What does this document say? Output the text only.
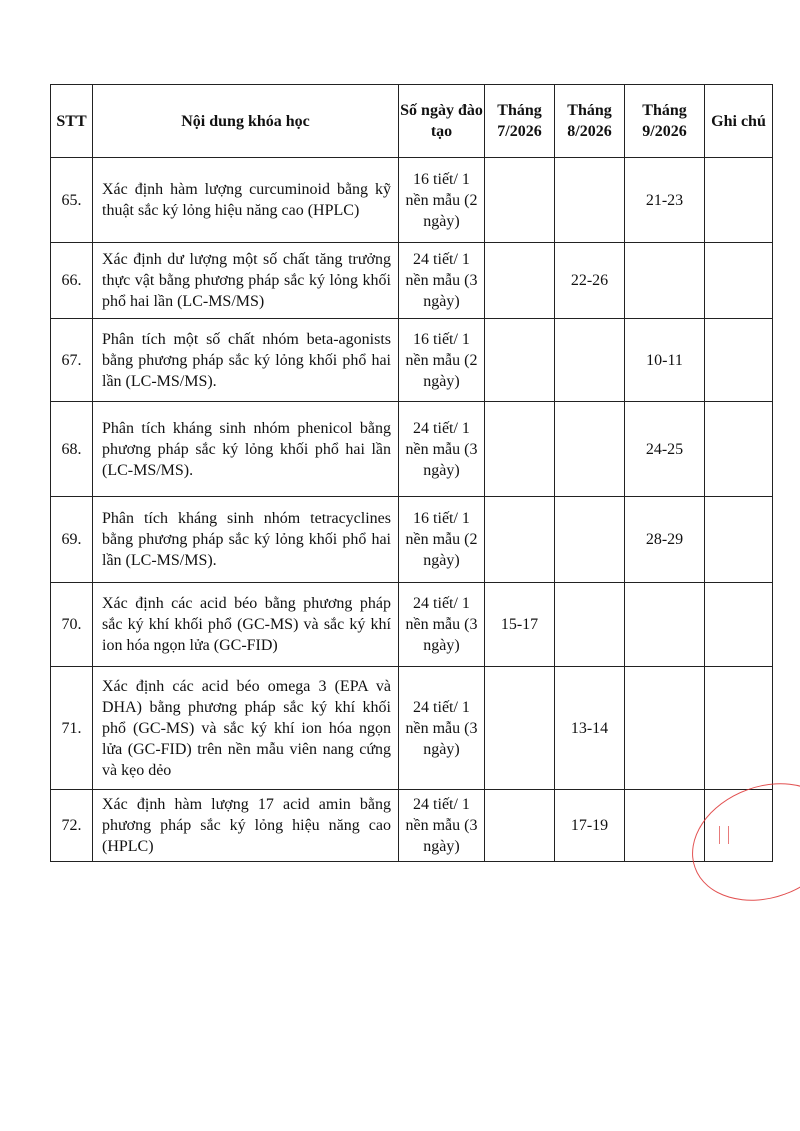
STT	Nội dung khóa học	Số ngày đào tạo	Tháng 7/2026	Tháng 8/2026	Tháng 9/2026	Ghi chú
65.	Xác định hàm lượng curcuminoid bằng kỹ thuật sắc ký lỏng hiệu năng cao (HPLC)	16 tiết/ 1 nền mẫu (2 ngày)			21-23	
66.	Xác định dư lượng một số chất tăng trưởng thực vật bằng phương pháp sắc ký lỏng khối phổ hai lần (LC-MS/MS)	24 tiết/ 1 nền mẫu (3 ngày)		22-26		
67.	Phân tích một số chất nhóm beta-agonists bằng phương pháp sắc ký lỏng khối phổ hai lần (LC-MS/MS).	16 tiết/ 1 nền mẫu (2 ngày)			10-11	
68.	Phân tích kháng sinh nhóm phenicol bằng phương pháp sắc ký lỏng khối phổ hai lần (LC-MS/MS).	24 tiết/ 1 nền mẫu (3 ngày)			24-25	
69.	Phân tích kháng sinh nhóm tetracyclines bằng phương pháp sắc ký lỏng khối phổ hai lần (LC-MS/MS).	16 tiết/ 1 nền mẫu (2 ngày)			28-29	
70.	Xác định các acid béo bằng phương pháp sắc ký khí khối phổ (GC-MS) và sắc ký khí ion hóa ngọn lửa (GC-FID)	24 tiết/ 1 nền mẫu (3 ngày)	15-17			
71.	Xác định các acid béo omega 3 (EPA và DHA) bằng phương pháp sắc ký khí khối phổ (GC-MS) và sắc ký khí ion hóa ngọn lửa (GC-FID) trên nền mẫu viên nang cứng và kẹo dẻo	24 tiết/ 1 nền mẫu (3 ngày)		13-14		
72.	Xác định hàm lượng 17 acid amin bằng phương pháp sắc ký lỏng hiệu năng cao (HPLC)	24 tiết/ 1 nền mẫu (3 ngày)		17-19		
